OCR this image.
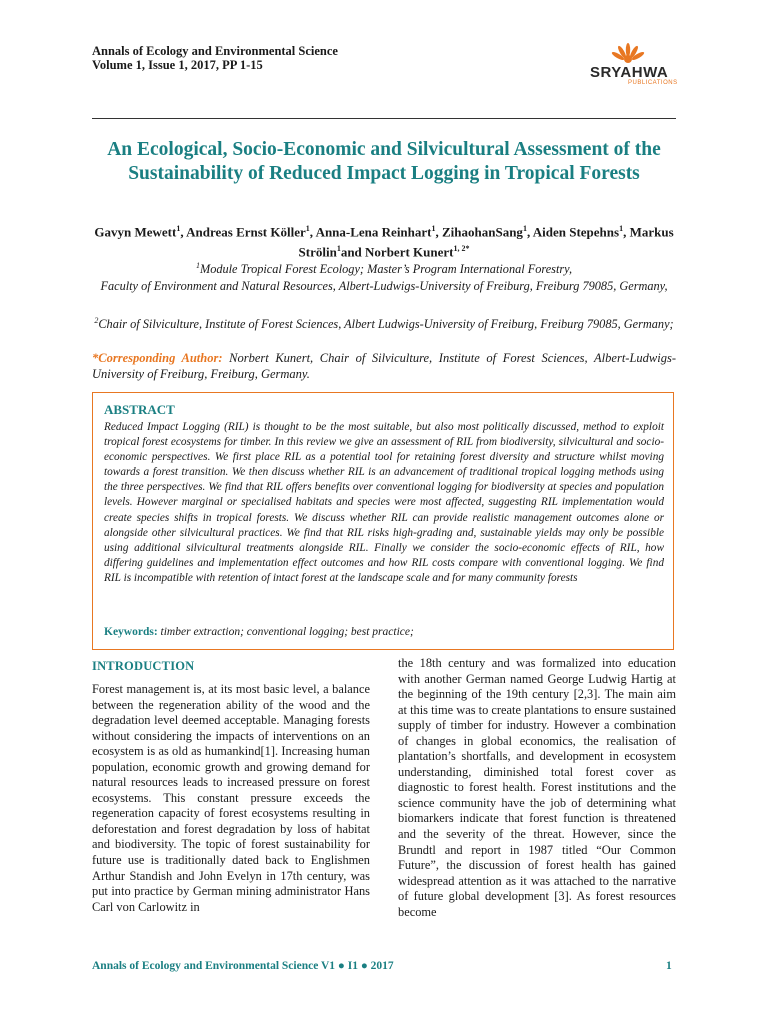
Annals of Ecology and Environmental Science
Volume 1, Issue 1, 2017, PP 1-15	SRYAHWA
PUBLICATIONS
An Ecological, Socio-Economic and Silvicultural Assessment of the Sustainability of Reduced Impact Logging in Tropical Forests
Gavyn Mewett$^1$, Andreas Ernst Köller$^1$, Anna-Lena Reinhart$^1$, ZihaohanSang$^1$, Aiden Stepehns$^1$, Markus Strölin$^1$and Norbert Kunert$^{1, 2*}$
$^1$Module Tropical Forest Ecology; Master’s Program International Forestry,
Faculty of Environment and Natural Resources, Albert-Ludwigs-University of Freiburg, Freiburg 79085, Germany,
$^2$Chair of Silviculture, Institute of Forest Sciences, Albert Ludwigs-University of Freiburg, Freiburg 79085, Germany;
*Corresponding Author: Norbert Kunert, Chair of Silviculture, Institute of Forest Sciences, Albert-Ludwigs-University of Freiburg, Freiburg, Germany.
ABSTRACT
Reduced Impact Logging (RIL) is thought to be the most suitable, but also most politically discussed, method to exploit tropical forest ecosystems for timber. In this review we give an assessment of RIL from biodiversity, silvicultural and socio-economic perspectives. We first place RIL as a potential tool for retaining forest diversity and structure whilst moving towards a forest transition. We then discuss whether RIL is an advancement of traditional tropical logging methods using the three perspectives. We find that RIL offers benefits over conventional logging for biodiversity at species and population levels. However marginal or specialised habitats and species were most affected, suggesting RIL implementation would create species shifts in tropical forests. We discuss whether RIL can provide realistic management outcomes alone or alongside other silvicultural practices. We find that RIL risks high-grading and, sustainable yields may only be possible using additional silvicultural treatments alongside RIL. Finally we consider the socio-economic effects of RIL, how differing guidelines and implementation effect outcomes and how RIL costs compare with conventional logging. We find RIL is incompatible with retention of intact forest at the landscape scale and for many community forests
Keywords: timber extraction; conventional logging; best practice;
INTRODUCTION
Forest management is, at its most basic level, a balance between the regeneration ability of the wood and the degradation level deemed acceptable. Managing forests without considering the impacts of interventions on an ecosystem is as old as humankind[1]. Increasing human population, economic growth and growing demand for natural resources leads to increased pressure on forest ecosystems. This constant pressure exceeds the regeneration capacity of forest ecosystems resulting in deforestation and forest degradation by loss of habitat and biodiversity. The topic of forest sustainability for future use is traditionally dated back to Englishmen Arthur Standish and John Evelyn in 17th century, was put into practice by German mining administrator Hans Carl von Carlowitz in
the 18th century and was formalized into education with another German named George Ludwig Hartig at the beginning of the 19th century [2,3]. The main aim at this time was to create plantations to ensure sustained supply of timber for industry. However a combination of changes in global economics, the realisation of plantation’s shortfalls, and development in ecosystem understanding, diminished total forest cover as diagnostic to forest health. Forest institutions and the science community have the job of determining what biomarkers indicate that forest function is threatened and the severity of the threat. However, since the Brundtl and report in 1987 titled “Our Common Future”, the discussion of forest health has gained widespread attention as it was attached to the narrative of future global development [3]. As forest resources become
Annals of Ecology and Environmental Science V1 ● I1 ● 2017	1
